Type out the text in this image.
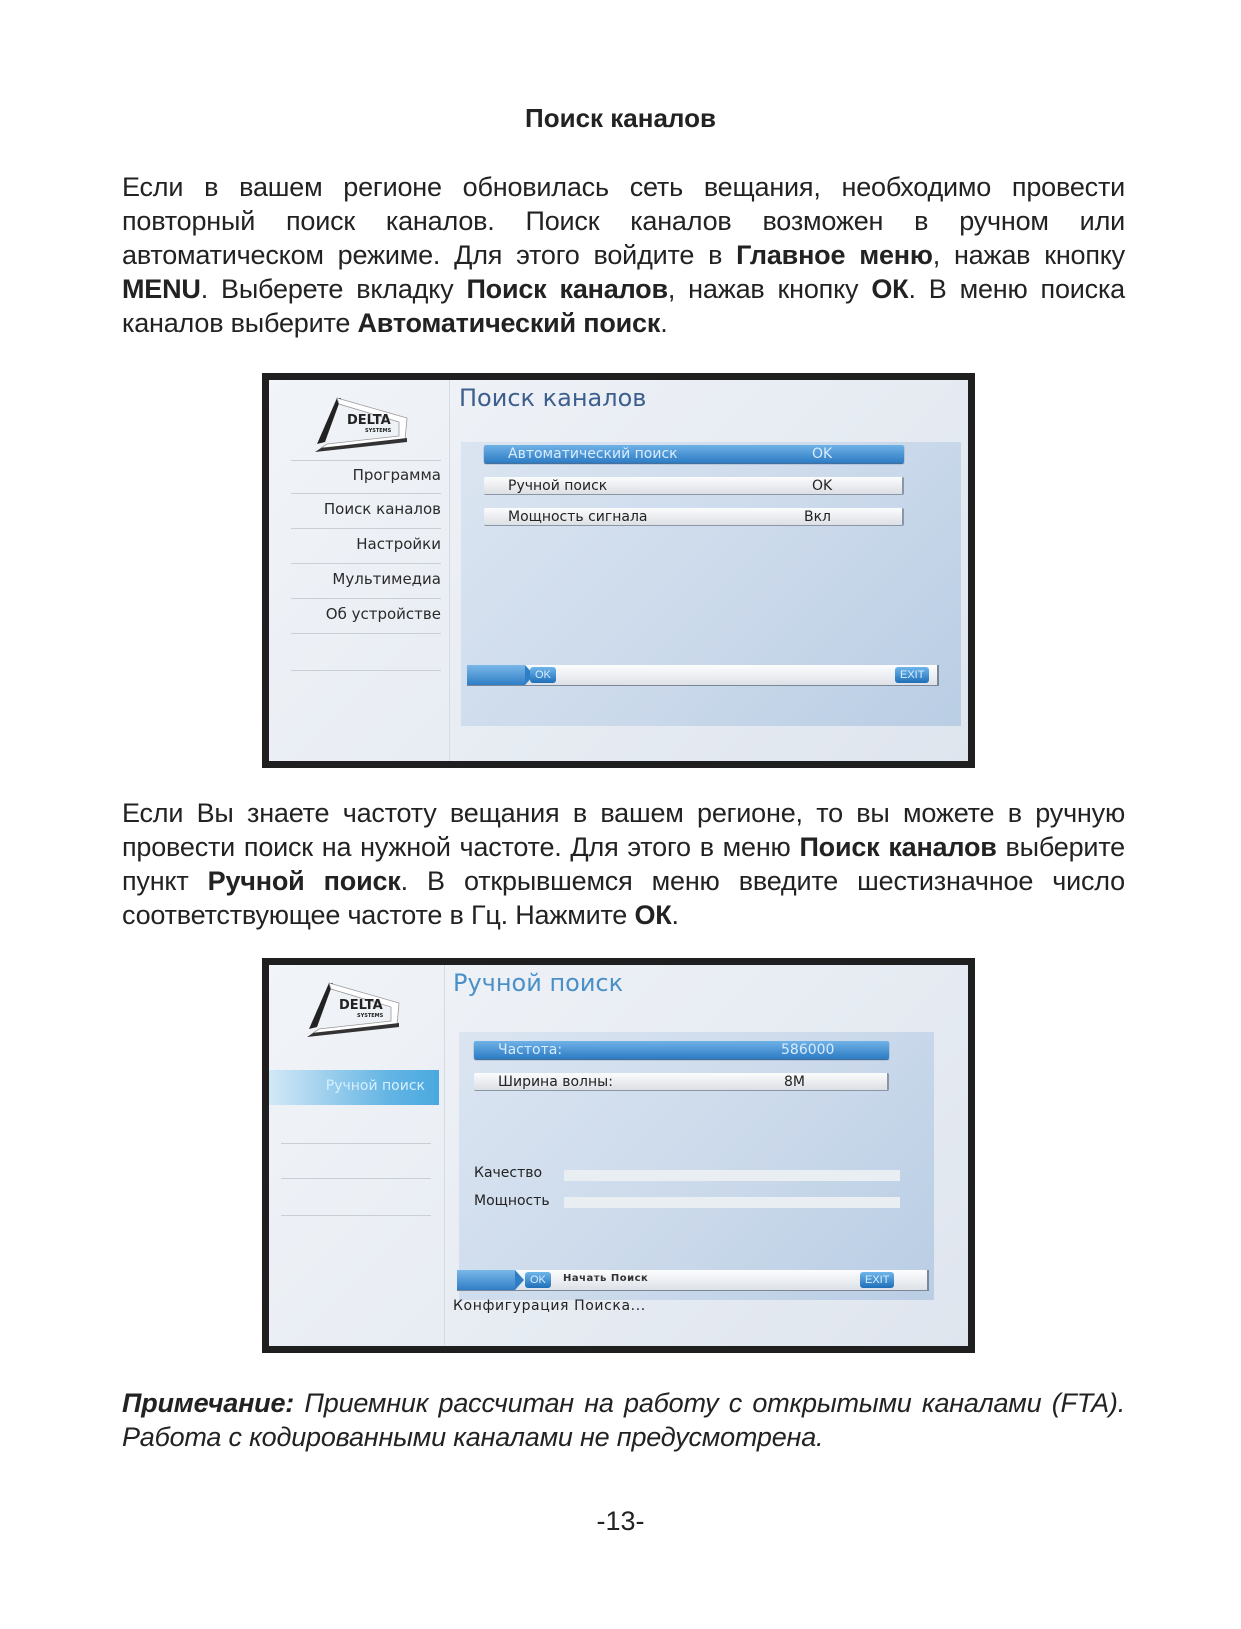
Поиск каналов
Если в вашем регионе обновилась сеть вещания, необходимо провести повторный поиск каналов. Поиск каналов возможен в ручном или автоматическом режиме. Для этого войдите в Главное меню, нажав кнопку MENU. Выберете вкладку Поиск каналов, нажав кнопку ОК. В меню поиска каналов выберите Автоматический поиск.
DELTA
SYSTEMS
Программа
Поиск каналов
Настройки
Мультимедиа
Об устройстве
Поиск каналов
Автоматический поиск	OK
Ручной поиск	OK
Мощность сигнала	Вкл
OK	EXIT
Если Вы знаете частоту вещания в вашем регионе, то вы можете в ручную провести поиск на нужной частоте. Для этого в меню Поиск каналов выберите пункт Ручной поиск. В открывшемся меню введите шестизначное число соответствующее частоте в Гц. Нажмите ОК.
DELTA
SYSTEMS
Ручной поиск
Ручной поиск
Частота:	586000
Ширина волны:	8M
Качество
Мощность
OK	Начать Поиск	EXIT
Конфигурация Поиска...
Примечание: Приемник рассчитан на работу с открытыми каналами (FTA). Работа с кодированными каналами не предусмотрена.
-13-
